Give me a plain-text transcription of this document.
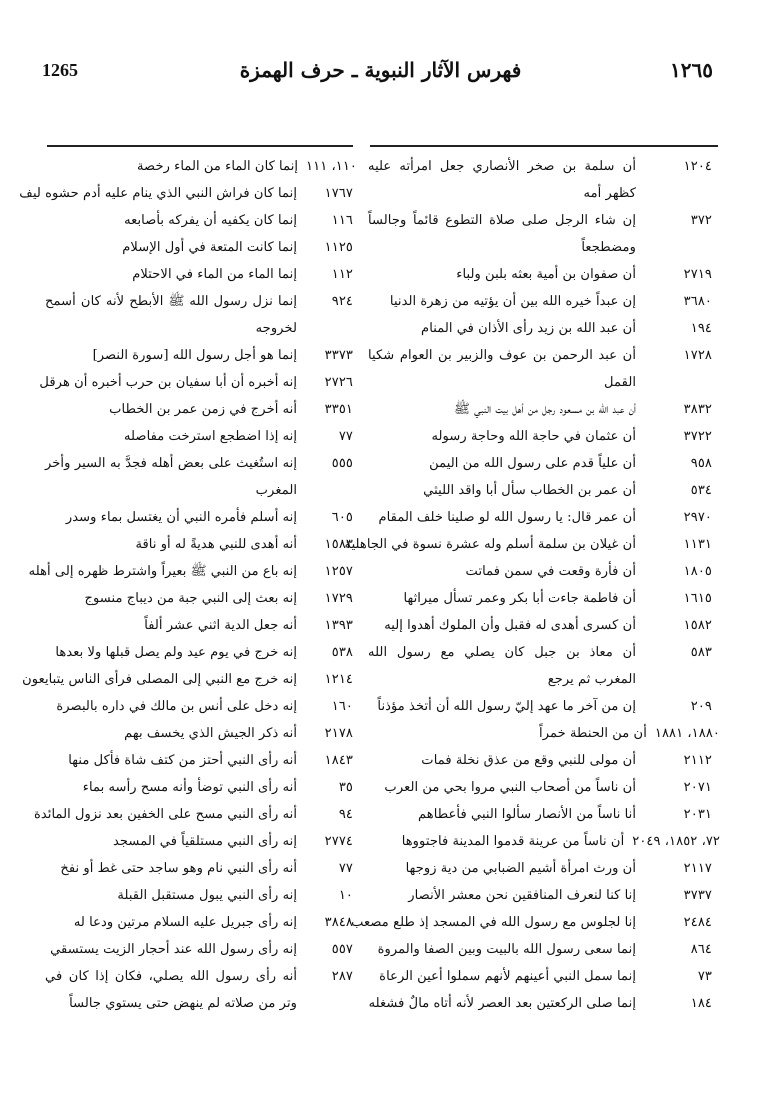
1265	فهرس الآثار النبوية ـ حرف الهمزة	١٢٦٥
١٢٠٤
أن سلمة بن صخر الأنصاري جعل امرأته عليه كظهر أمه
٣٧٢
إن شاء الرجل صلى صلاة التطوع قائماً وجالساً ومضطجعاً
٢٧١٩
أن صفوان بن أمية بعثه بلبن ولباء
٣٦٨٠
إن عبداً خيره الله بين أن يؤتيه من زهرة الدنيا
١٩٤
أن عبد الله بن زيد رأى الأذان في المنام
١٧٢٨
أن عبد الرحمن بن عوف والزبير بن العوام شكيا القمل
٣٨٣٢
أن عبد الله بن مسعود رجل من أهل بيت النبي ﷺ
٣٧٢٢
أن عثمان في حاجة الله وحاجة رسوله
٩٥٨
أن علياً قدم على رسول الله من اليمن
٥٣٤
أن عمر بن الخطاب سأل أبا واقد الليثي
٢٩٧٠
أن عمر قال: يا رسول الله لو صلينا خلف المقام
١١٣١
أن غيلان بن سلمة أسلم وله عشرة نسوة في الجاهلية
١٨٠٥
أن فأرة وقعت في سمن فماتت
١٦١٥
أن فاطمة جاءت أبا بكر وعمر تسأل ميراثها
١٥٨٢
أن كسرى أهدى له فقبل وأن الملوك أهدوا إليه
٥٨٣
أن معاذ بن جبل كان يصلي مع رسول الله المغرب ثم يرجع
٢٠٩
إن من آخر ما عهد إليّ رسول الله أن أتخذ مؤذناً
١٨٨٠، ١٨٨١
أن من الحنطة خمراً
٢١١٢
أن مولى للنبي وقع من عذق نخلة فمات
٢٠٧١
أن ناساً من أصحاب النبي مروا بحي من العرب
٢٠٣١
أنا ناساً من الأنصار سألوا النبي فأعطاهم
٧٢، ١٨٥٢، ٢٠٤٩
أن ناساً من عرينة قدموا المدينة فاجتووها
٢١١٧
أن ورث امرأة أشيم الضبابي من دية زوجها
٣٧٣٧
إنا كنا لنعرف المنافقين نحن معشر الأنصار
٢٤٨٤
إنا لجلوس مع رسول الله في المسجد إذ طلع مصعب
٨٦٤
إنما سعى رسول الله بالبيت وبين الصفا والمروة
٧٣
إنما سمل النبي أعينهم لأنهم سملوا أعين الرعاة
١٨٤
إنما صلى الركعتين بعد العصر لأنه أتاه مالٌ فشغله
١١٠، ١١١
إنما كان الماء من الماء رخصة
١٧٦٧
إنما كان فراش النبي الذي ينام عليه أدم حشوه ليف
١١٦
إنما كان يكفيه أن يفركه بأصابعه
١١٢٥
إنما كانت المتعة في أول الإسلام
١١٢
إنما الماء من الماء في الاحتلام
٩٢٤
إنما نزل رسول الله ﷺ الأبطح لأنه كان أسمح لخروجه
٣٣٧٣
إنما هو أجل رسول الله [سورة النصر]
٢٧٢٦
إنه أخبره أن أبا سفيان بن حرب أخبره أن هرقل
٣٣٥١
أنه أخرج في زمن عمر بن الخطاب
٧٧
إنه إذا اضطجع استرخت مفاصله
٥٥٥
إنه استُغيث على بعض أهله فجدَّ به السير وأخر المغرب
٦٠٥
إنه أسلم فأمره النبي أن يغتسل بماء وسدر
١٥٨٣
أنه أهدى للنبي هديةً له أو ناقة
١٢٥٧
إنه باع من النبي ﷺ بعيراً واشترط ظهره إلى أهله
١٧٢٩
إنه بعث إلى النبي جبة من ديباج منسوج
١٣٩٣
أنه جعل الدية اثني عشر ألفاً
٥٣٨
إنه خرج في يوم عيد ولم يصل قبلها ولا بعدها
١٢١٤
إنه خرج مع النبي إلى المصلى فرأى الناس يتبايعون
١٦٠
إنه دخل على أنس بن مالك في داره بالبصرة
٢١٧٨
أنه ذكر الجيش الذي يخسف بهم
١٨٤٣
أنه رأى النبي أحتز من كتف شاة فأكل منها
٣٥
أنه رأى النبي توضأ وأنه مسح رأسه بماء
٩٤
أنه رأى النبي مسح على الخفين بعد نزول المائدة
٢٧٧٤
إنه رأى النبي مستلقياً في المسجد
٧٧
أنه رأى النبي نام وهو ساجد حتى غط أو نفخ
١٠
إنه رأى النبي يبول مستقبل القبلة
٣٨٤٨
إنه رأى جبريل عليه السلام مرتين ودعا له
٥٥٧
إنه رأى رسول الله عند أحجار الزيت يستسقي
٢٨٧
أنه رأى رسول الله يصلي، فكان إذا كان في وتر من صلاته لم ينهض حتى يستوي جالساً
